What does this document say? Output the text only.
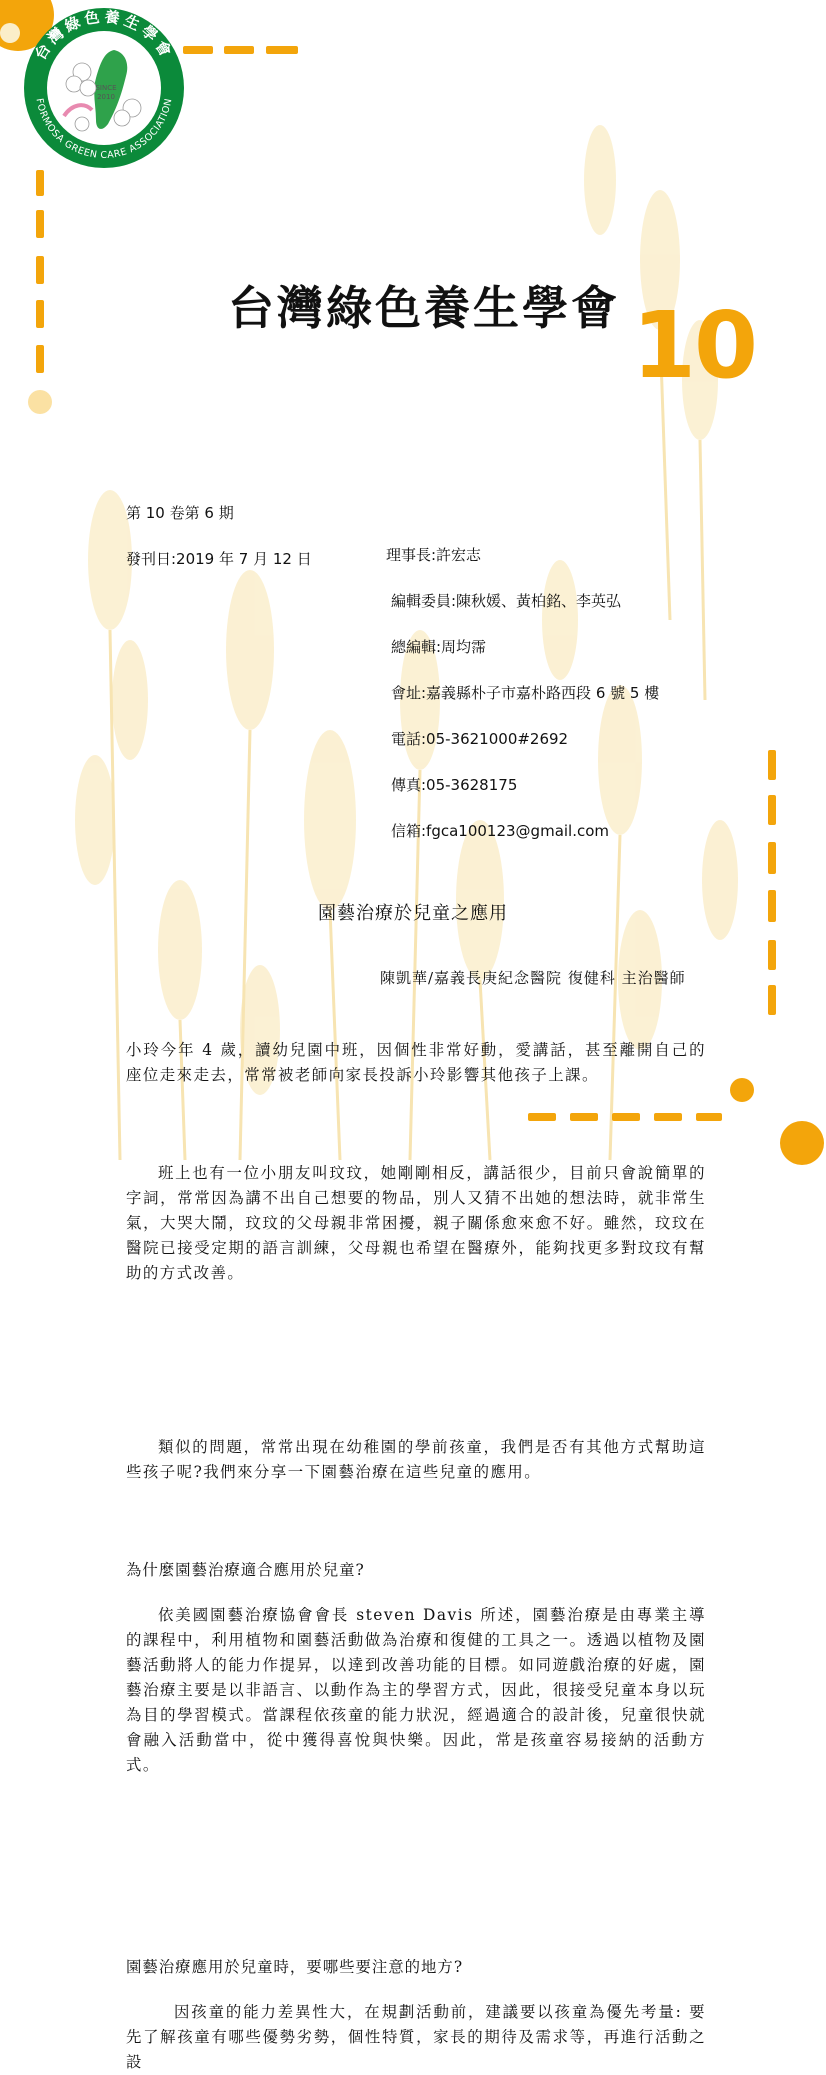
台灣綠色養生學會
FORMOSA GREEN CARE ASSOCIATION
SINCE
2010
台灣綠色養生學會 10
第 10 卷第 6 期
發刊日:2019 年 7 月 12 日	理事長:許宏志
編輯委員:陳秋媛、黃柏銘、李英弘
總編輯:周均霈
會址:嘉義縣朴子市嘉朴路西段 6 號 5 樓
電話:05-3621000#2692
傳真:05-3628175
信箱:fgca100123@gmail.com
園藝治療於兒童之應用
陳凱華/嘉義長庚紀念醫院 復健科 主治醫師
小玲今年 4 歲，讀幼兒園中班，因個性非常好動，愛講話，甚至離開自己的座位走來走去，常常被老師向家長投訴小玲影響其他孩子上課。
班上也有一位小朋友叫玟玟，她剛剛相反，講話很少，目前只會說簡單的字詞，常常因為講不出自己想要的物品，別人又猜不出她的想法時，就非常生氣，大哭大鬧，玟玟的父母親非常困擾，親子關係愈來愈不好。雖然，玟玟在醫院已接受定期的語言訓練，父母親也希望在醫療外，能夠找更多對玟玟有幫助的方式改善。
類似的問題，常常出現在幼稚園的學前孩童，我們是否有其他方式幫助這些孩子呢?我們來分享一下園藝治療在這些兒童的應用。
為什麼園藝治療適合應用於兒童?
依美國園藝治療協會會長 steven Davis 所述，園藝治療是由專業主導的課程中，利用植物和園藝活動做為治療和復健的工具之一。透過以植物及園藝活動將人的能力作提昇，以達到改善功能的目標。如同遊戲治療的好處，園藝治療主要是以非語言、以動作為主的學習方式，因此，很接受兒童本身以玩為目的學習模式。當課程依孩童的能力狀況，經過適合的設計後，兒童很快就會融入活動當中，從中獲得喜悅與快樂。因此，常是孩童容易接納的活動方式。
園藝治療應用於兒童時，要哪些要注意的地方?
因孩童的能力差異性大，在規劃活動前，建議要以孩童為優先考量: 要先了解孩童有哪些優勢劣勢，個性特質，家長的期待及需求等，再進行活動之設
